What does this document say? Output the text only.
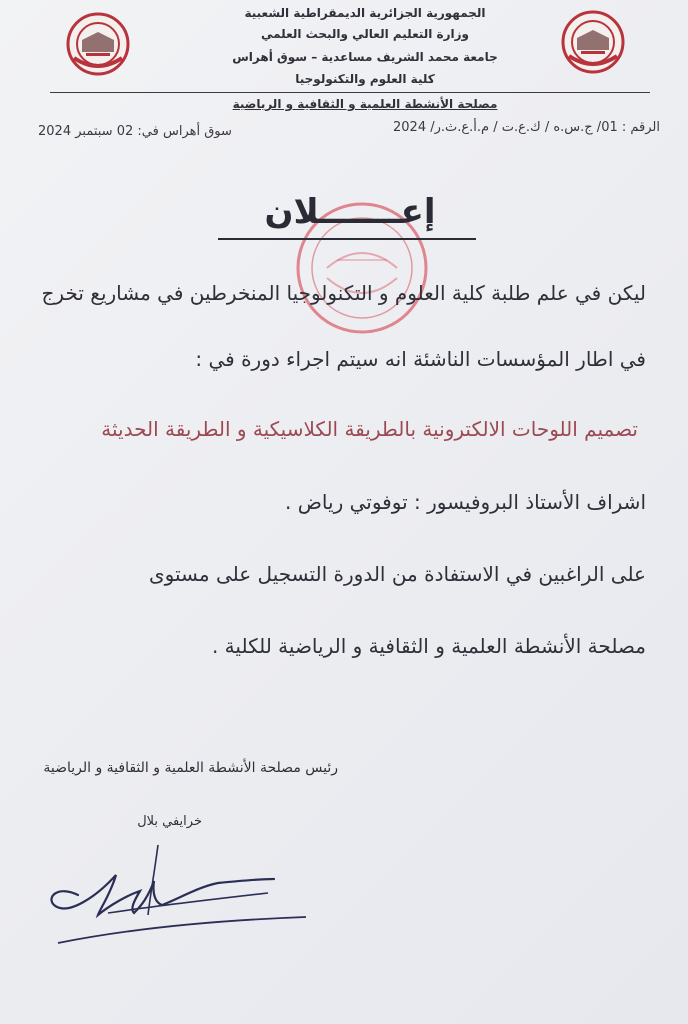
الجمهورية الجزائرية الديمقراطية الشعبية
وزارة التعليم العالي والبحث العلمي
جامعة محمد الشريف مساعدية – سوق أهراس
كلية العلوم والتكنولوجيا
مصلحة الأنشطة العلمية و الثقافية و الرياضية
الرقم : 01/ ج.س.ه / ك.ع.ت / م.أ.ع.ث.ر/ 2024
سوق أهراس في: 02 سبتمبر 2024
إعـــــــلان
ليكن في علم طلبة كلية العلوم و التكنولوجيا المنخرطين في مشاريع تخرج
في اطار المؤسسات الناشئة انه سيتم اجراء دورة في :
تصميم اللوحات الالكترونية بالطريقة الكلاسيكية و الطريقة الحديثة
اشراف الأستاذ البروفيسور : توفوتي رياض .
على الراغبين في الاستفادة من الدورة التسجيل على مستوى
مصلحة الأنشطة العلمية و الثقافية و الرياضية للكلية .
رئيس مصلحة الأنشطة العلمية و الثقافية و الرياضية
خرايفي بلال
